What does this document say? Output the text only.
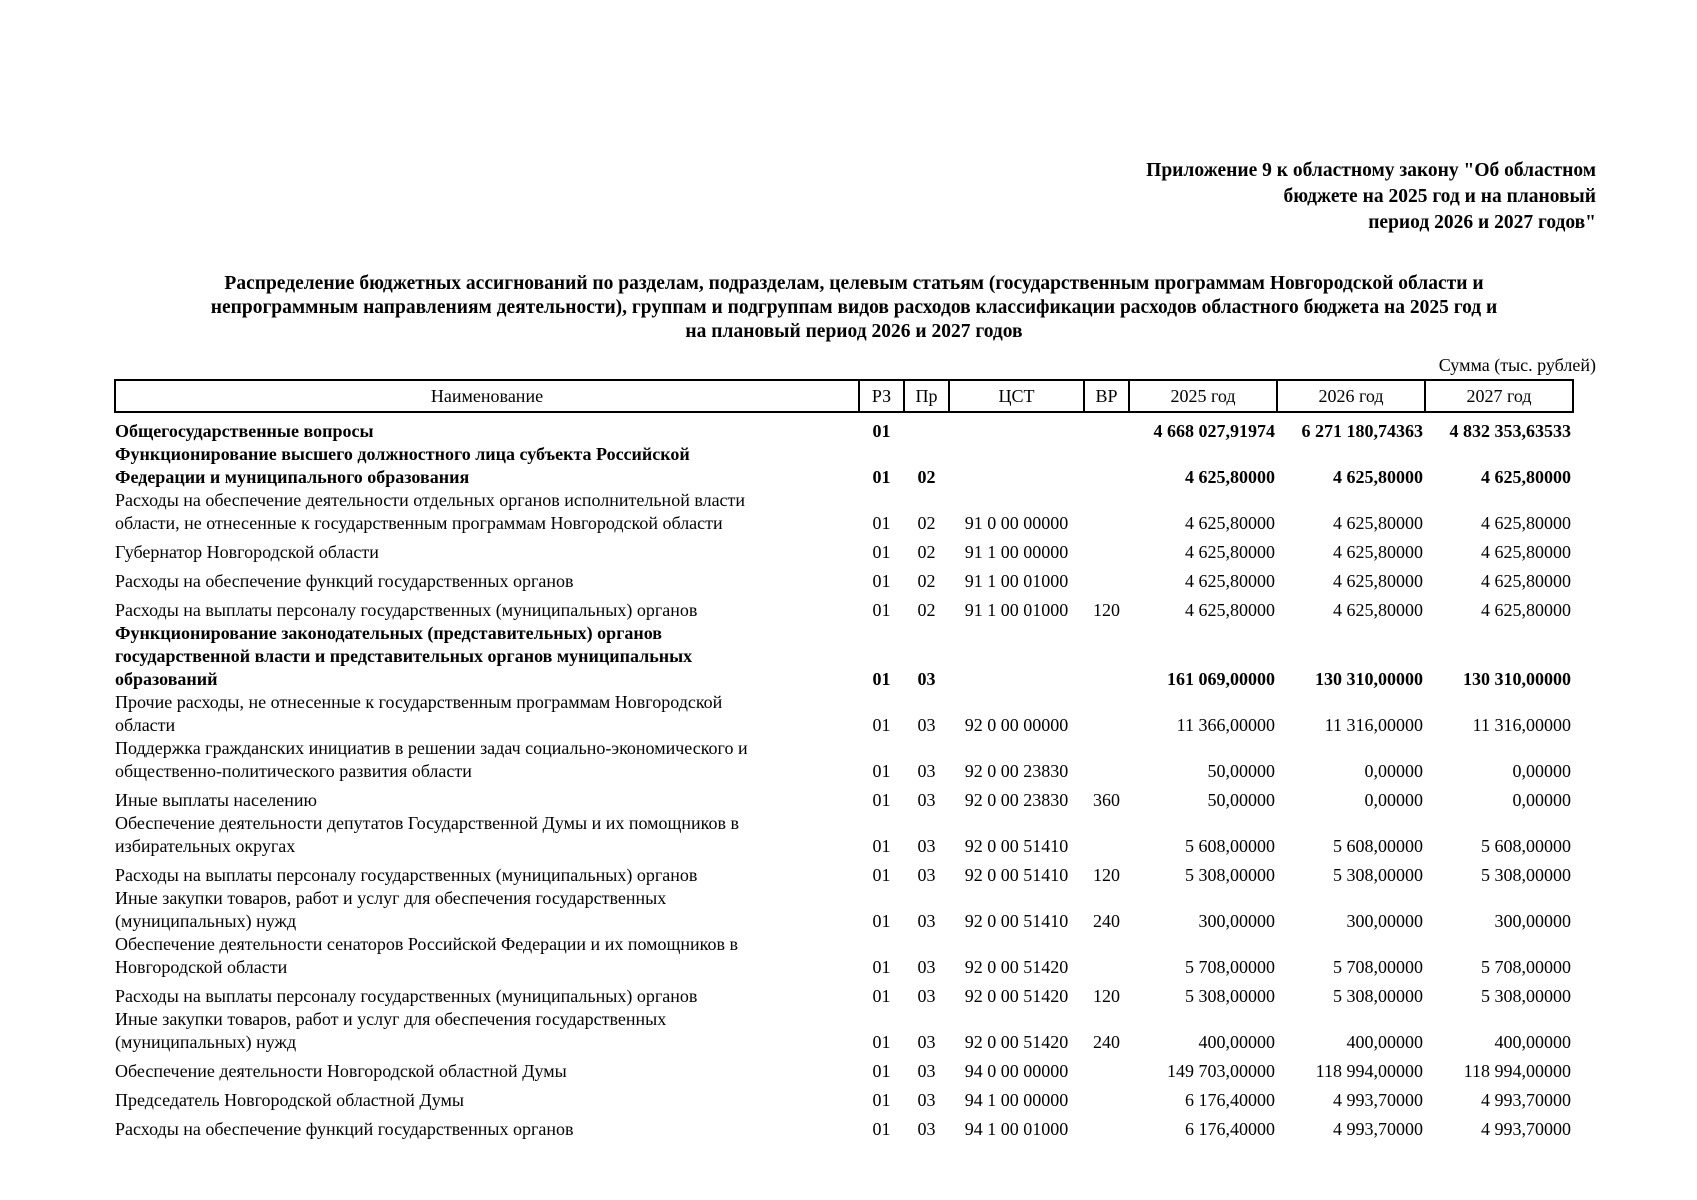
Приложение 9 к областному закону "Об областном
бюджете на 2025 год и на плановый
период 2026 и 2027 годов"
Распределение бюджетных ассигнований по разделам, подразделам, целевым статьям (государственным программам Новгородской области и
непрограммным направлениям деятельности), группам и подгруппам видов расходов классификации расходов областного бюджета на 2025 год и
на плановый период 2026 и 2027 годов
Сумма (тыс. рублей)
Наименование	РЗ	Пр	ЦСТ	ВР	2025 год	2026 год	2027 год

Общегосударственные вопросы	01				4 668 027,91974	6 271 180,74363	4 832 353,63533

Функционирование высшего должностного лица субъекта Российской
Федерации и муниципального образования	01	02			4 625,80000	4 625,80000	4 625,80000

Расходы на обеспечение деятельности отдельных органов исполнительной власти
области, не отнесенные к государственным программам Новгородской области	01	02	91 0 00 00000		4 625,80000	4 625,80000	4 625,80000

Губернатор Новгородской области	01	02	91 1 00 00000		4 625,80000	4 625,80000	4 625,80000

Расходы на обеспечение функций государственных органов	01	02	91 1 00 01000		4 625,80000	4 625,80000	4 625,80000

Расходы на выплаты персоналу государственных (муниципальных) органов	01	02	91 1 00 01000	120	4 625,80000	4 625,80000	4 625,80000

Функционирование законодательных (представительных) органов
государственной власти и представительных органов муниципальных
образований	01	03			161 069,00000	130 310,00000	130 310,00000

Прочие расходы, не отнесенные к государственным программам Новгородской
области	01	03	92 0 00 00000		11 366,00000	11 316,00000	11 316,00000

Поддержка гражданских инициатив в решении задач социально-экономического и
общественно-политического развития области	01	03	92 0 00 23830		50,00000	0,00000	0,00000

Иные выплаты населению	01	03	92 0 00 23830	360	50,00000	0,00000	0,00000

Обеспечение деятельности депутатов Государственной Думы и их помощников в
избирательных округах	01	03	92 0 00 51410		5 608,00000	5 608,00000	5 608,00000

Расходы на выплаты персоналу государственных (муниципальных) органов	01	03	92 0 00 51410	120	5 308,00000	5 308,00000	5 308,00000

Иные закупки товаров, работ и услуг для обеспечения государственных
(муниципальных) нужд	01	03	92 0 00 51410	240	300,00000	300,00000	300,00000

Обеспечение деятельности сенаторов Российской Федерации и их помощников в
Новгородской области	01	03	92 0 00 51420		5 708,00000	5 708,00000	5 708,00000

Расходы на выплаты персоналу государственных (муниципальных) органов	01	03	92 0 00 51420	120	5 308,00000	5 308,00000	5 308,00000

Иные закупки товаров, работ и услуг для обеспечения государственных
(муниципальных) нужд	01	03	92 0 00 51420	240	400,00000	400,00000	400,00000

Обеспечение деятельности Новгородской областной Думы	01	03	94 0 00 00000		149 703,00000	118 994,00000	118 994,00000

Председатель Новгородской областной Думы	01	03	94 1 00 00000		6 176,40000	4 993,70000	4 993,70000

Расходы на обеспечение функций государственных органов	01	03	94 1 00 01000		6 176,40000	4 993,70000	4 993,70000
